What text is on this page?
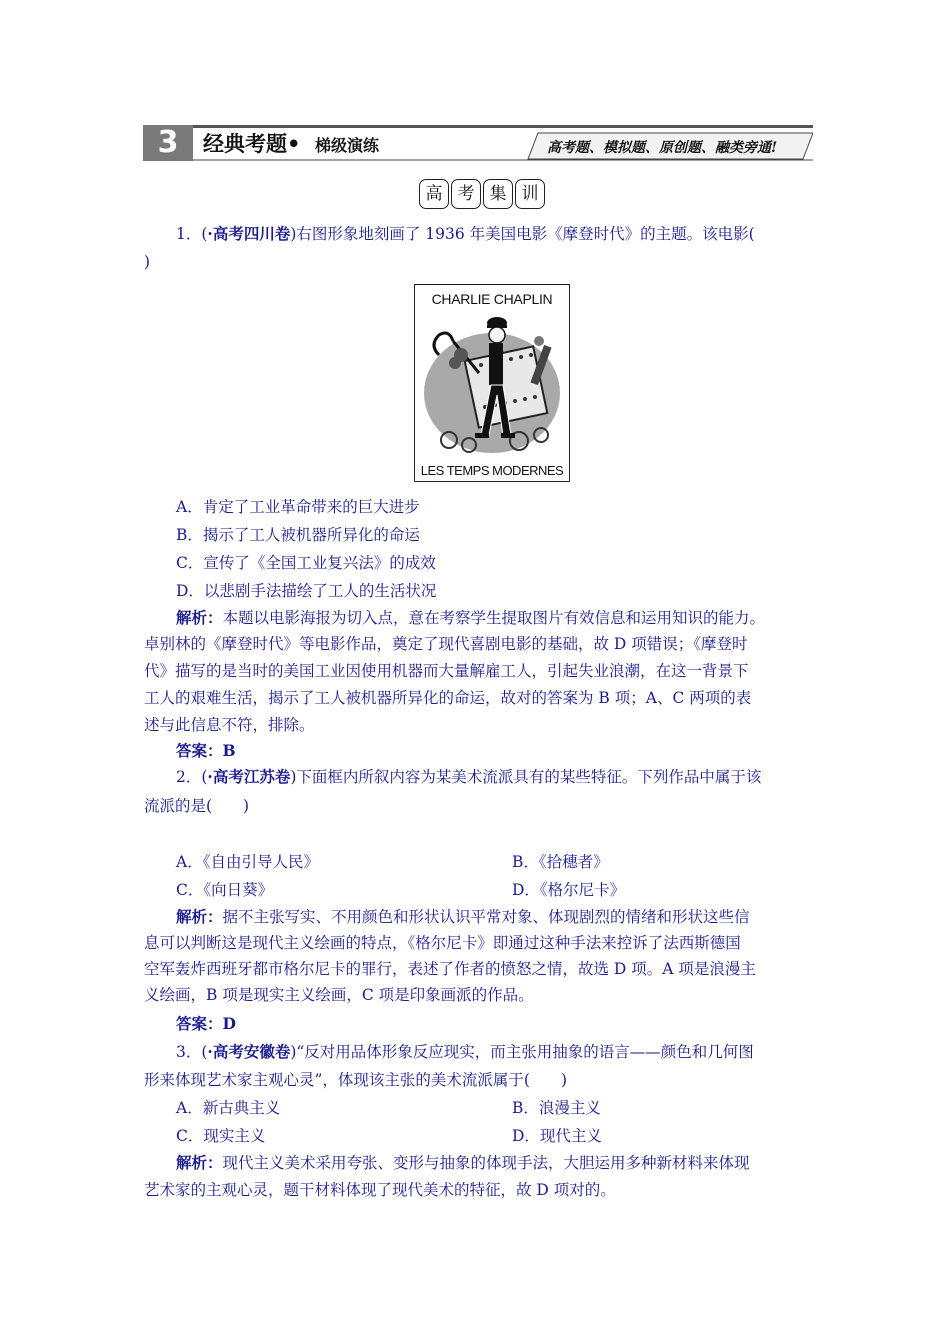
3	经典考题• 梯级演练	高考题、模拟题、原创题、融类旁通!
高 考 集 训
1．(·高考四川卷)右图形象地刻画了 1936 年美国电影《摩登时代》的主题。该电影(
)
CHARLIE CHAPLIN
LES TEMPS MODERNES
A．肯定了工业革命带来的巨大进步
B．揭示了工人被机器所异化的命运
C．宣传了《全国工业复兴法》的成效
D．以悲剧手法描绘了工人的生活状况
解析：本题以电影海报为切入点，意在考察学生提取图片有效信息和运用知识的能力。
卓别林的《摩登时代》等电影作品，奠定了现代喜剧电影的基础，故 D 项错误；《摩登时
代》描写的是当时的美国工业因使用机器而大量解雇工人，引起失业浪潮，在这一背景下
工人的艰难生活，揭示了工人被机器所异化的命运，故对的答案为 B 项；A、C 两项的表
述与此信息不符，排除。
答案：B
2．(·高考江苏卷)下面框内所叙内容为某美术流派具有的某些特征。下列作品中属于该
流派的是(　　)
A．《自由引导人民》	B．《拾穗者》
C．《向日葵》	D．《格尔尼卡》
解析：据不主张写实、不用颜色和形状认识平常对象、体现剧烈的情绪和形状这些信
息可以判断这是现代主义绘画的特点，《格尔尼卡》即通过这种手法来控诉了法西斯德国
空军轰炸西班牙都市格尔尼卡的罪行，表述了作者的愤怒之情，故选 D 项。A 项是浪漫主
义绘画，B 项是现实主义绘画，C 项是印象画派的作品。
答案：D
3．(·高考安徽卷)“反对用品体形象反应现实，而主张用抽象的语言——颜色和几何图
形来体现艺术家主观心灵”，体现该主张的美术流派属于(　　)
A．新古典主义	B．浪漫主义
C．现实主义	D．现代主义
解析：现代主义美术采用夸张、变形与抽象的体现手法，大胆运用多种新材料来体现
艺术家的主观心灵，题干材料体现了现代美术的特征，故 D 项对的。
